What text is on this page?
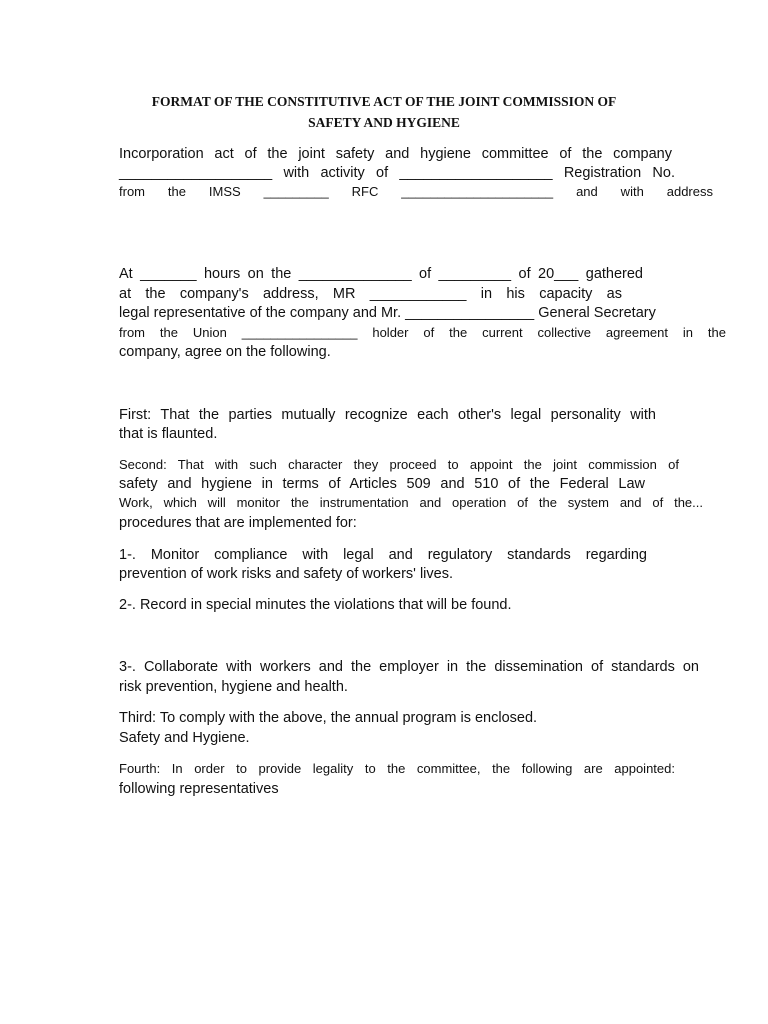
FORMAT OF THE CONSTITUTIVE ACT OF THE JOINT COMMISSION OF
SAFETY AND HYGIENE
Incorporation act of the joint safety and hygiene committee of the company
___________________ with activity of ___________________ Registration No.
from the IMSS _________ RFC _____________________ and with address
At _______ hours on the ______________ of _________ of 20___ gathered
at the company's address, MR ____________ in his capacity as
legal representative of the company and Mr. ________________ General Secretary
from the Union ________________ holder of the current collective agreement in the
company, agree on the following.
First: That the parties mutually recognize each other's legal personality with
that is flaunted.
Second: That with such character they proceed to appoint the joint commission of
safety and hygiene in terms of Articles 509 and 510 of the Federal Law
Work, which will monitor the instrumentation and operation of the system and of the...
procedures that are implemented for:
1-. Monitor compliance with legal and regulatory standards regarding
prevention of work risks and safety of workers' lives.
2-. Record in special minutes the violations that will be found.
3-. Collaborate with workers and the employer in the dissemination of standards on
risk prevention, hygiene and health.
Third: To comply with the above, the annual program is enclosed.
Safety and Hygiene.
Fourth: In order to provide legality to the committee, the following are appointed:
following representatives
